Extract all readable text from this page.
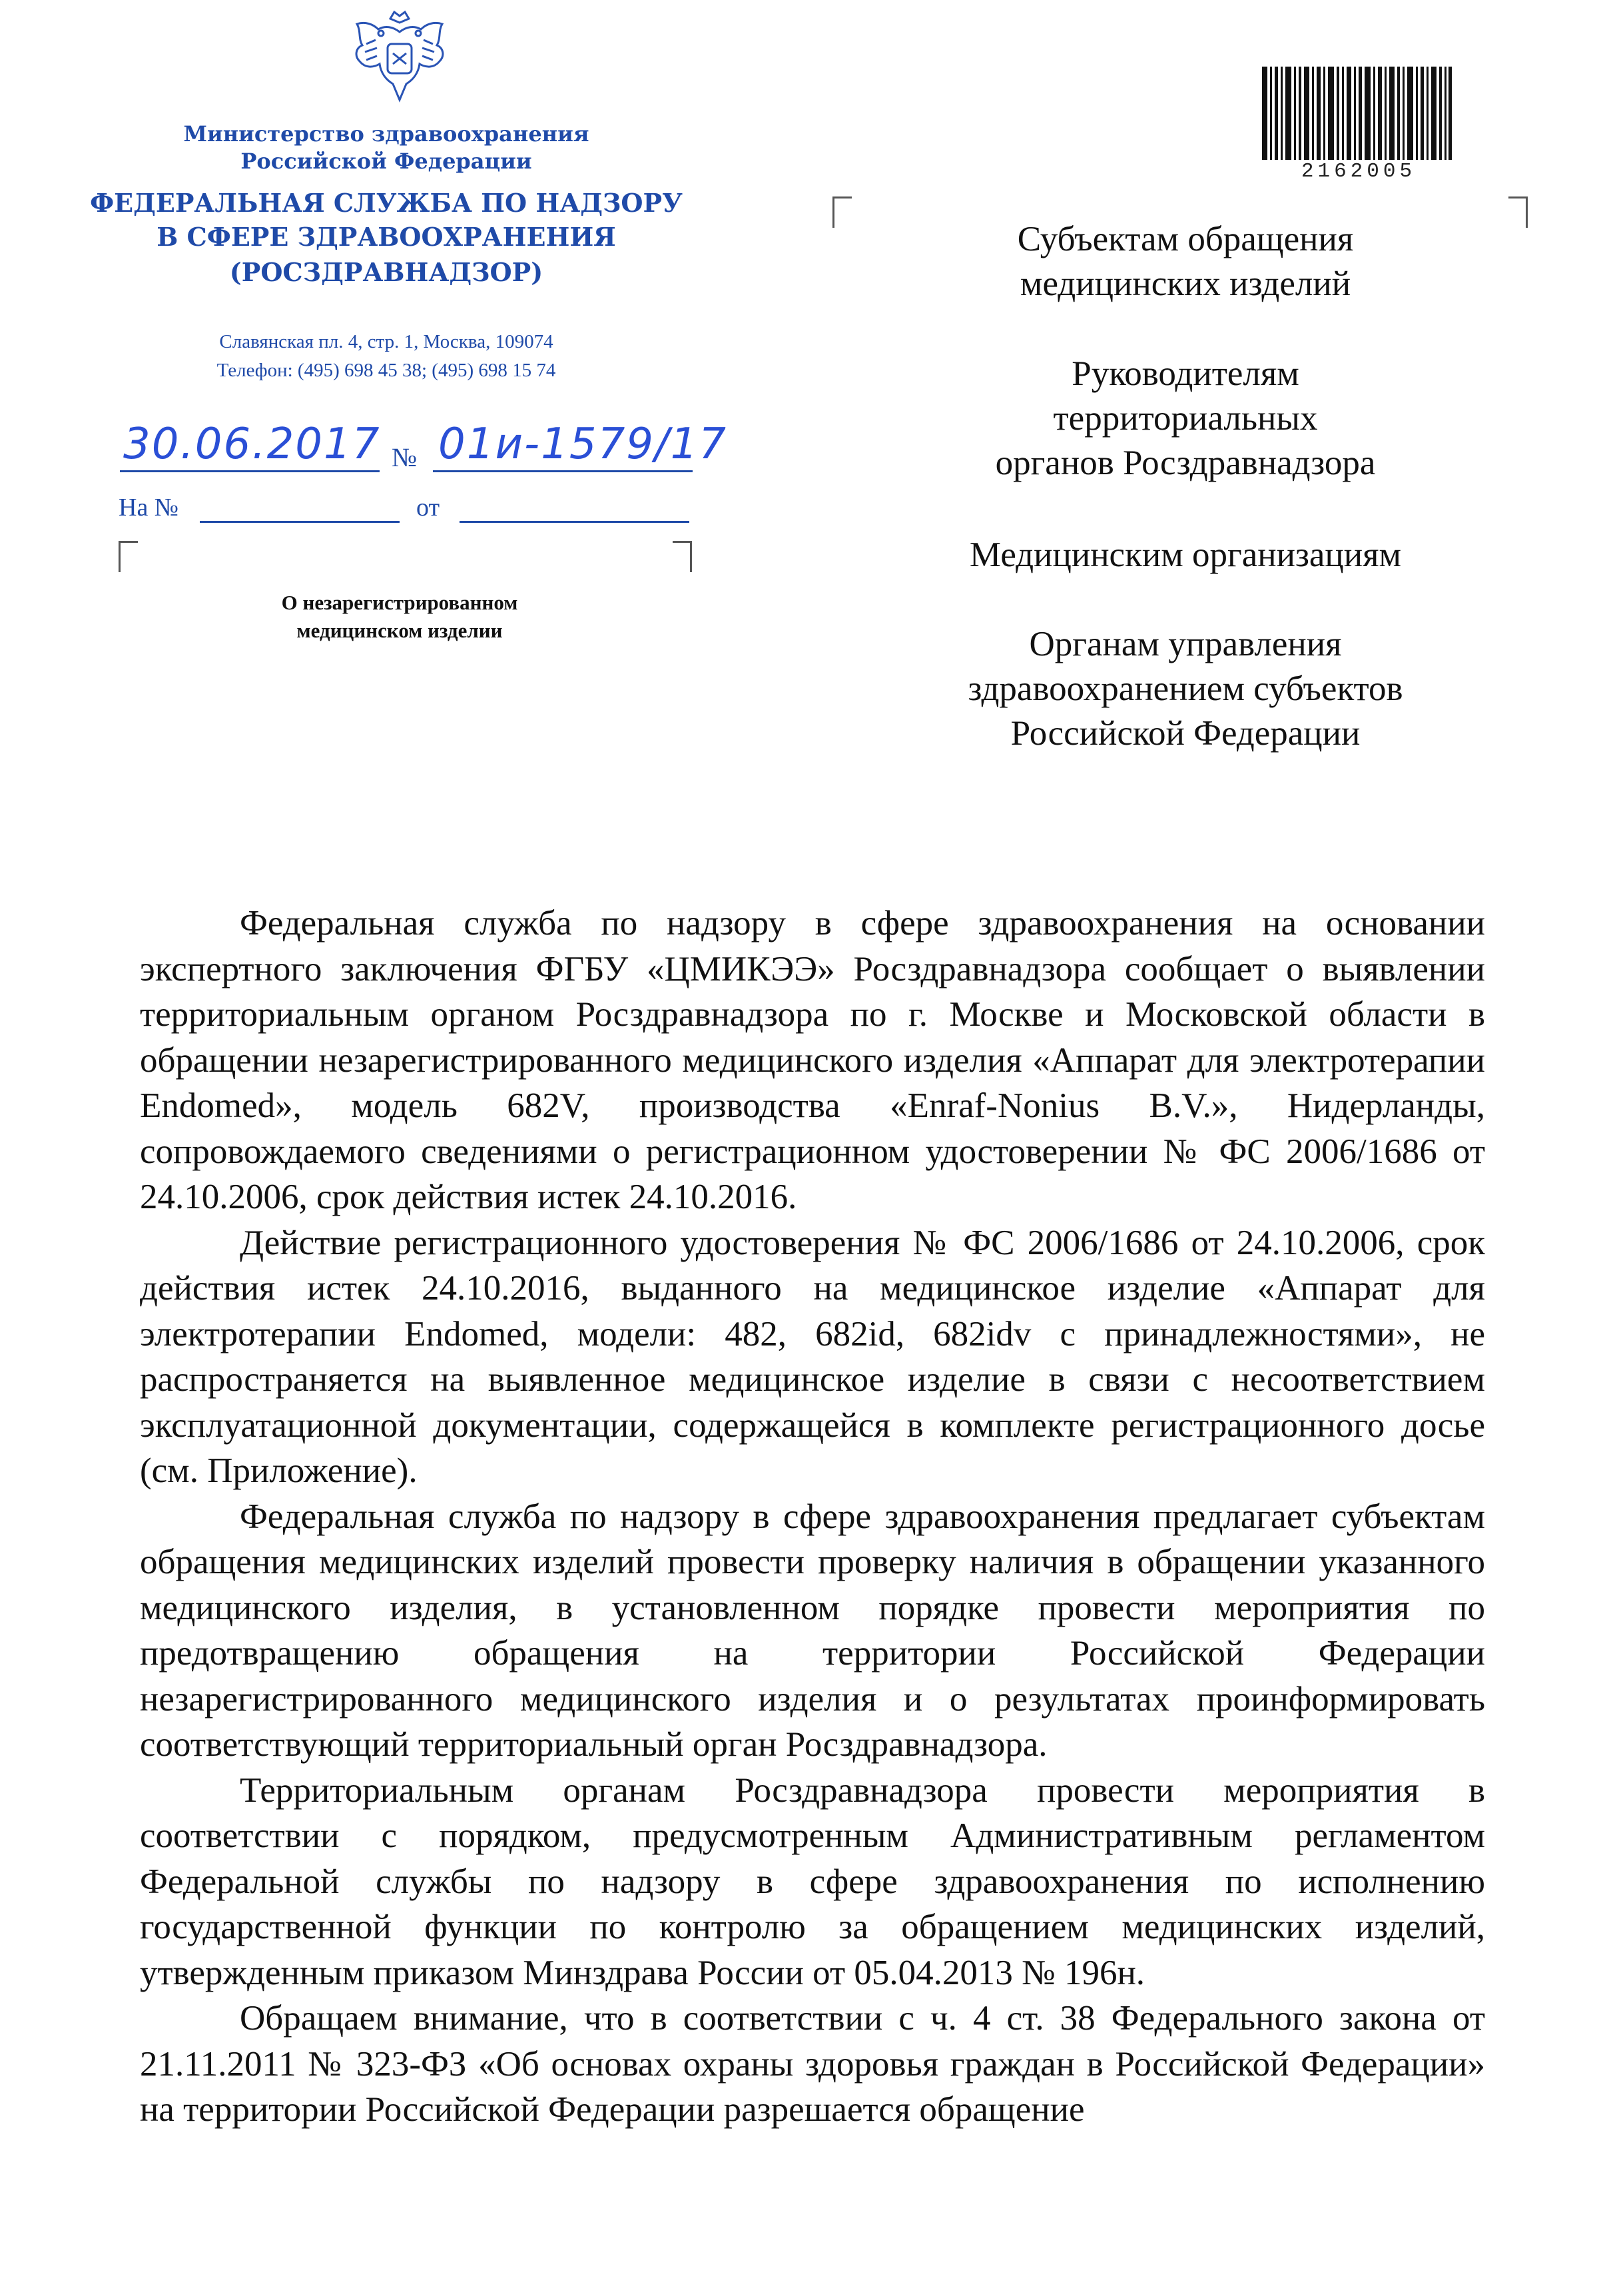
Министерство здравоохранения
Российской Федерации
ФЕДЕРАЛЬНАЯ СЛУЖБА ПО НАДЗОРУ
В СФЕРЕ ЗДРАВООХРАНЕНИЯ
(РОСЗДРАВНАДЗОР)
Славянская пл. 4, стр. 1, Москва, 109074
Телефон: (495) 698 45 38; (495) 698 15 74
30.06.2017 № 01и-1579/17
На №	от
О незарегистрированном
медицинском изделии
2162005
Субъектам обращения
медицинских изделий
Руководителям
территориальных
органов Росздравнадзора
Медицинским организациям
Органам управления
здравоохранением субъектов
Российской Федерации

Федеральная служба по надзору в сфере здравоохранения на основании экспертного заключения ФГБУ «ЦМИКЭЭ» Росздравнадзора сообщает о выявлении территориальным органом Росздравнадзора по г. Москве и Московской области в обращении незарегистрированного медицинского изделия «Аппарат для электротерапии Endomed», модель 682V, производства «Enraf-Nonius B.V.», Нидерланды, сопровождаемого сведениями о регистрационном удостоверении № ФС 2006/1686 от 24.10.2006, срок действия истек 24.10.2016.

Действие регистрационного удостоверения № ФС 2006/1686 от 24.10.2006, срок действия истек 24.10.2016, выданного на медицинское изделие «Аппарат для электротерапии Endomed, модели: 482, 682id, 682idv с принадлежностями», не распространяется на выявленное медицинское изделие в связи с несоответствием эксплуатационной документации, содержащейся в комплекте регистрационного досье (см. Приложение).

Федеральная служба по надзору в сфере здравоохранения предлагает субъектам обращения медицинских изделий провести проверку наличия в обращении указанного медицинского изделия, в установленном порядке провести мероприятия по предотвращению обращения на территории Российской Федерации незарегистрированного медицинского изделия и о результатах проинформировать соответствующий территориальный орган Росздравнадзора.

Территориальным органам Росздравнадзора провести мероприятия в соответствии с порядком, предусмотренным Административным регламентом Федеральной службы по надзору в сфере здравоохранения по исполнению государственной функции по контролю за обращением медицинских изделий, утвержденным приказом Минздрава России от 05.04.2013 № 196н.

Обращаем внимание, что в соответствии с ч. 4 ст. 38 Федерального закона от 21.11.2011 № 323-ФЗ «Об основах охраны здоровья граждан в Российской Федерации» на территории Российской Федерации разрешается обращение
